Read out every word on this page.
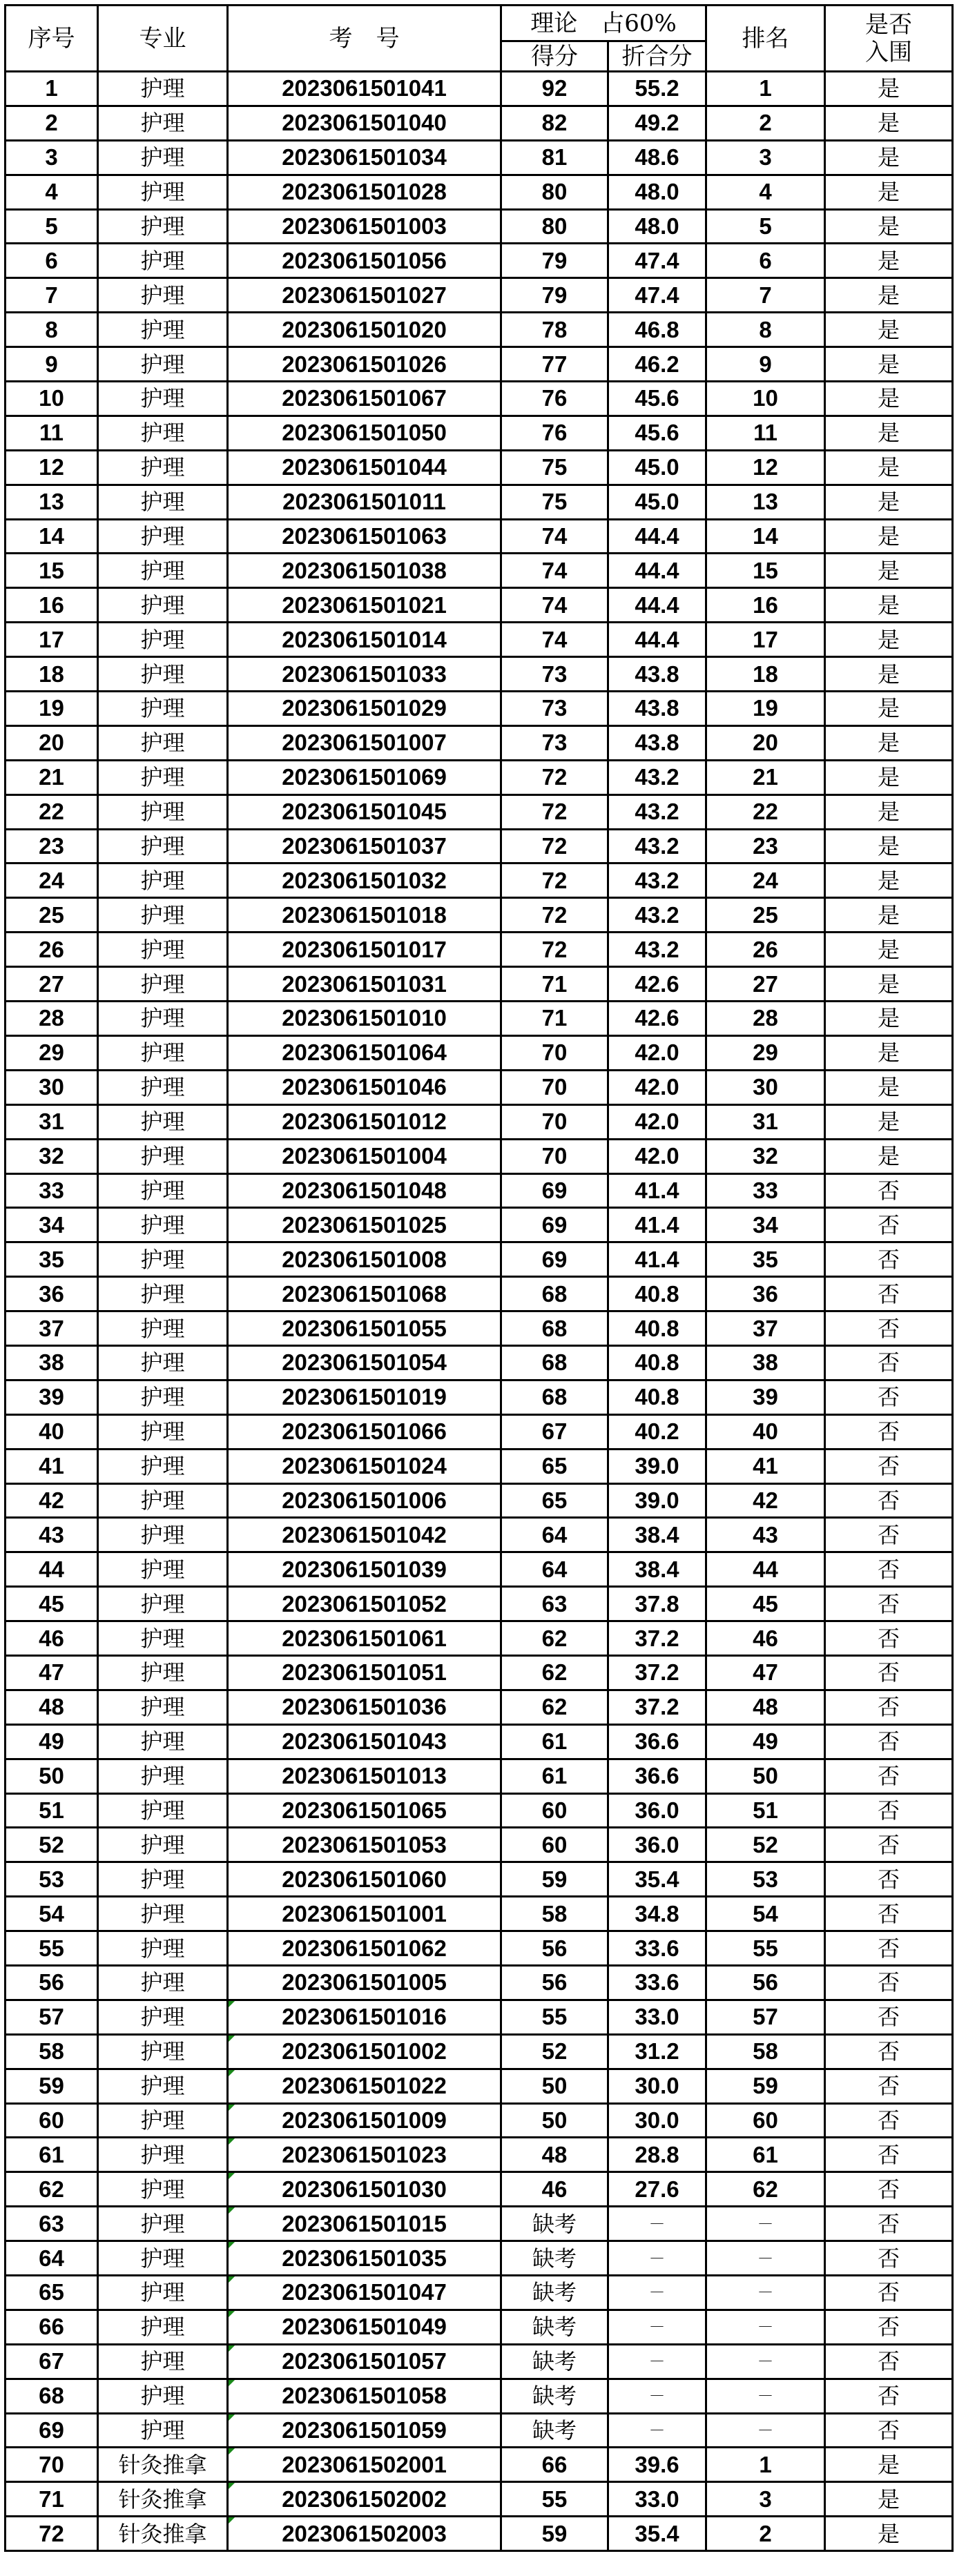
序号	专业	考　号	理论　占60%		排名	是否
入围
			得分	折合分		
1	护理	2023061501041	92	55.2	1	是
2	护理	2023061501040	82	49.2	2	是
3	护理	2023061501034	81	48.6	3	是
4	护理	2023061501028	80	48.0	4	是
5	护理	2023061501003	80	48.0	5	是
6	护理	2023061501056	79	47.4	6	是
7	护理	2023061501027	79	47.4	7	是
8	护理	2023061501020	78	46.8	8	是
9	护理	2023061501026	77	46.2	9	是
10	护理	2023061501067	76	45.6	10	是
11	护理	2023061501050	76	45.6	11	是
12	护理	2023061501044	75	45.0	12	是
13	护理	2023061501011	75	45.0	13	是
14	护理	2023061501063	74	44.4	14	是
15	护理	2023061501038	74	44.4	15	是
16	护理	2023061501021	74	44.4	16	是
17	护理	2023061501014	74	44.4	17	是
18	护理	2023061501033	73	43.8	18	是
19	护理	2023061501029	73	43.8	19	是
20	护理	2023061501007	73	43.8	20	是
21	护理	2023061501069	72	43.2	21	是
22	护理	2023061501045	72	43.2	22	是
23	护理	2023061501037	72	43.2	23	是
24	护理	2023061501032	72	43.2	24	是
25	护理	2023061501018	72	43.2	25	是
26	护理	2023061501017	72	43.2	26	是
27	护理	2023061501031	71	42.6	27	是
28	护理	2023061501010	71	42.6	28	是
29	护理	2023061501064	70	42.0	29	是
30	护理	2023061501046	70	42.0	30	是
31	护理	2023061501012	70	42.0	31	是
32	护理	2023061501004	70	42.0	32	是
33	护理	2023061501048	69	41.4	33	否
34	护理	2023061501025	69	41.4	34	否
35	护理	2023061501008	69	41.4	35	否
36	护理	2023061501068	68	40.8	36	否
37	护理	2023061501055	68	40.8	37	否
38	护理	2023061501054	68	40.8	38	否
39	护理	2023061501019	68	40.8	39	否
40	护理	2023061501066	67	40.2	40	否
41	护理	2023061501024	65	39.0	41	否
42	护理	2023061501006	65	39.0	42	否
43	护理	2023061501042	64	38.4	43	否
44	护理	2023061501039	64	38.4	44	否
45	护理	2023061501052	63	37.8	45	否
46	护理	2023061501061	62	37.2	46	否
47	护理	2023061501051	62	37.2	47	否
48	护理	2023061501036	62	37.2	48	否
49	护理	2023061501043	61	36.6	49	否
50	护理	2023061501013	61	36.6	50	否
51	护理	2023061501065	60	36.0	51	否
52	护理	2023061501053	60	36.0	52	否
53	护理	2023061501060	59	35.4	53	否
54	护理	2023061501001	58	34.8	54	否
55	护理	2023061501062	56	33.6	55	否
56	护理	2023061501005	56	33.6	56	否
57	护理	2023061501016	55	33.0	57	否
58	护理	2023061501002	52	31.2	58	否
59	护理	2023061501022	50	30.0	59	否
60	护理	2023061501009	50	30.0	60	否
61	护理	2023061501023	48	28.8	61	否
62	护理	2023061501030	46	27.6	62	否
63	护理	2023061501015	缺考	－	－	否
64	护理	2023061501035	缺考	－	－	否
65	护理	2023061501047	缺考	－	－	否
66	护理	2023061501049	缺考	－	－	否
67	护理	2023061501057	缺考	－	－	否
68	护理	2023061501058	缺考	－	－	否
69	护理	2023061501059	缺考	－	－	否
70	针灸推拿	2023061502001	66	39.6	1	是
71	针灸推拿	2023061502002	55	33.0	3	是
72	针灸推拿	2023061502003	59	35.4	2	是
